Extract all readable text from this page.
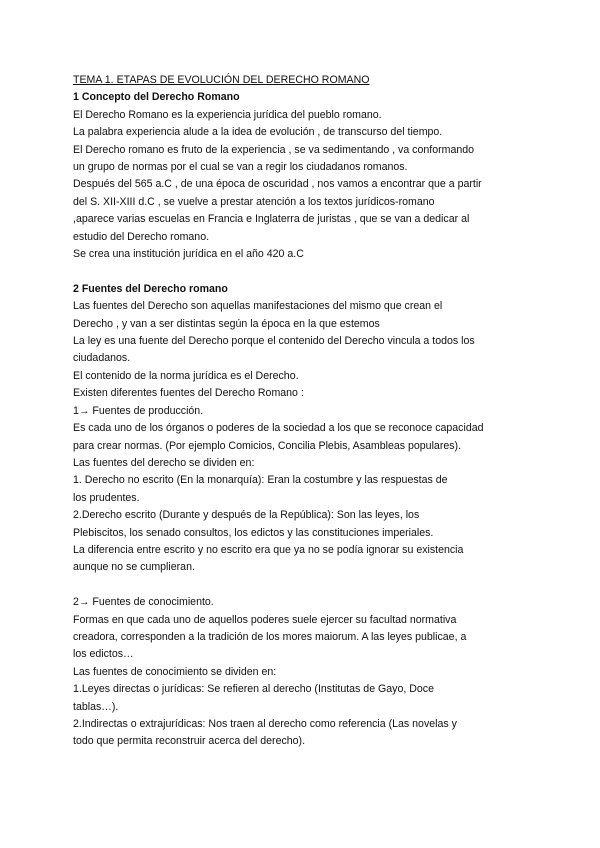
TEMA 1. ETAPAS DE EVOLUCIÓN DEL DERECHO ROMANO
1 Concepto del Derecho Romano
El Derecho Romano es la experiencia jurídica del pueblo romano.
La palabra experiencia alude a la idea de evolución , de transcurso del tiempo.
El Derecho romano es fruto de la experiencia , se va sedimentando , va conformando
un grupo de normas por el cual se van a regir los ciudadanos romanos.
Después del 565 a.C , de una época de oscuridad , nos vamos a encontrar que a partir
del S. XII-XIII d.C , se vuelve a prestar atención a los textos jurídicos-romano
,aparece varias escuelas en Francia e Inglaterra de juristas , que se van a dedicar al
estudio del Derecho romano.
Se crea una institución jurídica en el año 420 a.C
2 Fuentes del Derecho romano
Las fuentes del Derecho son aquellas manifestaciones del mismo que crean el
Derecho , y van a ser distintas según la época en la que estemos
La ley es una fuente del Derecho porque el contenido del Derecho vincula a todos los
ciudadanos.
El contenido de la norma jurídica es el Derecho.
Existen diferentes fuentes del Derecho Romano :
1→ Fuentes de producción.
Es cada uno de los órganos o poderes de la sociedad a los que se reconoce capacidad
para crear normas. (Por ejemplo Comicios, Concilia Plebis, Asambleas populares).
Las fuentes del derecho se dividen en:
1. Derecho no escrito (En la monarquía): Eran la costumbre y las respuestas de
los prudentes.
2.Derecho escrito (Durante y después de la República): Son las leyes, los
Plebiscitos, los senado consultos, los edictos y las constituciones imperiales.
La diferencia entre escrito y no escrito era que ya no se podía ignorar su existencia
aunque no se cumplieran.
2→ Fuentes de conocimiento.
Formas en que cada uno de aquellos poderes suele ejercer su facultad normativa
creadora, corresponden a la tradición de los mores maiorum. A las leyes publicae, a
los edictos…
Las fuentes de conocimiento se dividen en:
1.Leyes directas o jurídicas: Se refieren al derecho (Institutas de Gayo, Doce
tablas…).
2.Indirectas o extrajurídicas: Nos traen al derecho como referencia (Las novelas y
todo que permita reconstruir acerca del derecho).
